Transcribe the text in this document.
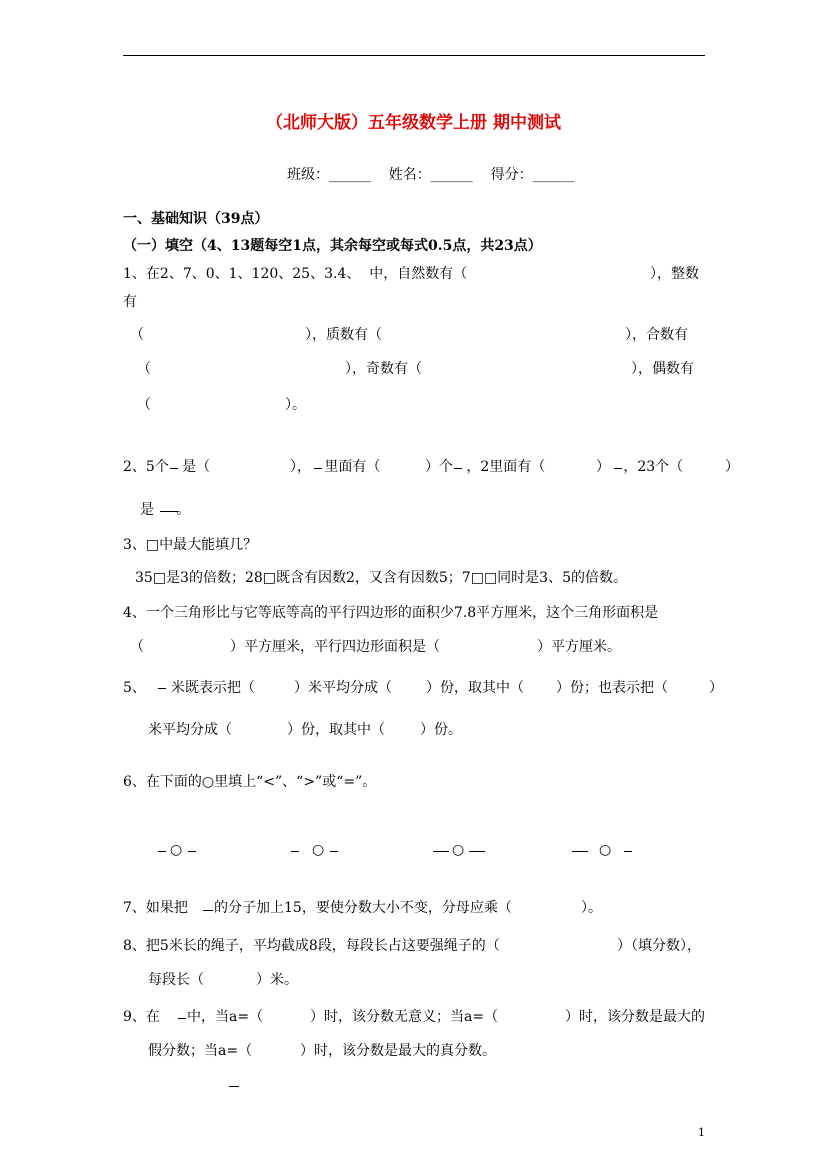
（北师大版）五年级数学上册 期中测试
班级：______    姓名：______    得分：______
一、基础知识（39点）
（一）填空（4、13题每空1点，其余每空或每式0.5点，共23点）
1、在2、7、0、1、120、25、3.4、  中，自然数有（	），整数
有
（	），质数有（	），合数有
（	），奇数有（	），偶数有
（	）。
2、5个   是（	），   里面有（	）个   ，2里面有（	）   ，23个（	）
是     。
3、□中最大能填几？
35□是3的倍数；28□既含有因数2，又含有因数5；7□□同时是3、5的倍数。
4、一个三角形比与它等底等高的平行四边形的面积少7.8平方厘米，这个三角形面积是
（	）平方厘米，平行四边形面积是（	）平方厘米。
5、 米既表示把（	）米平均分成（ ）份，取其中（ ）份；也表示把（	）
米平均分成（	）份，取其中（	）份。
6、在下面的○里填上“<”、“>”或“=”。
○	○	○	○
7、如果把 的分子加上15，要使分数大小不变，分母应乘（	）。
8、把5米长的绳子，平均截成8段，每段长占这要强绳子的（	）（填分数），
每段长（	）米。
9、在 中，当a=（	）时，该分数无意义；当a=（	）时，该分数是最大的
假分数；当a=（	）时，该分数是最大的真分数。
1
